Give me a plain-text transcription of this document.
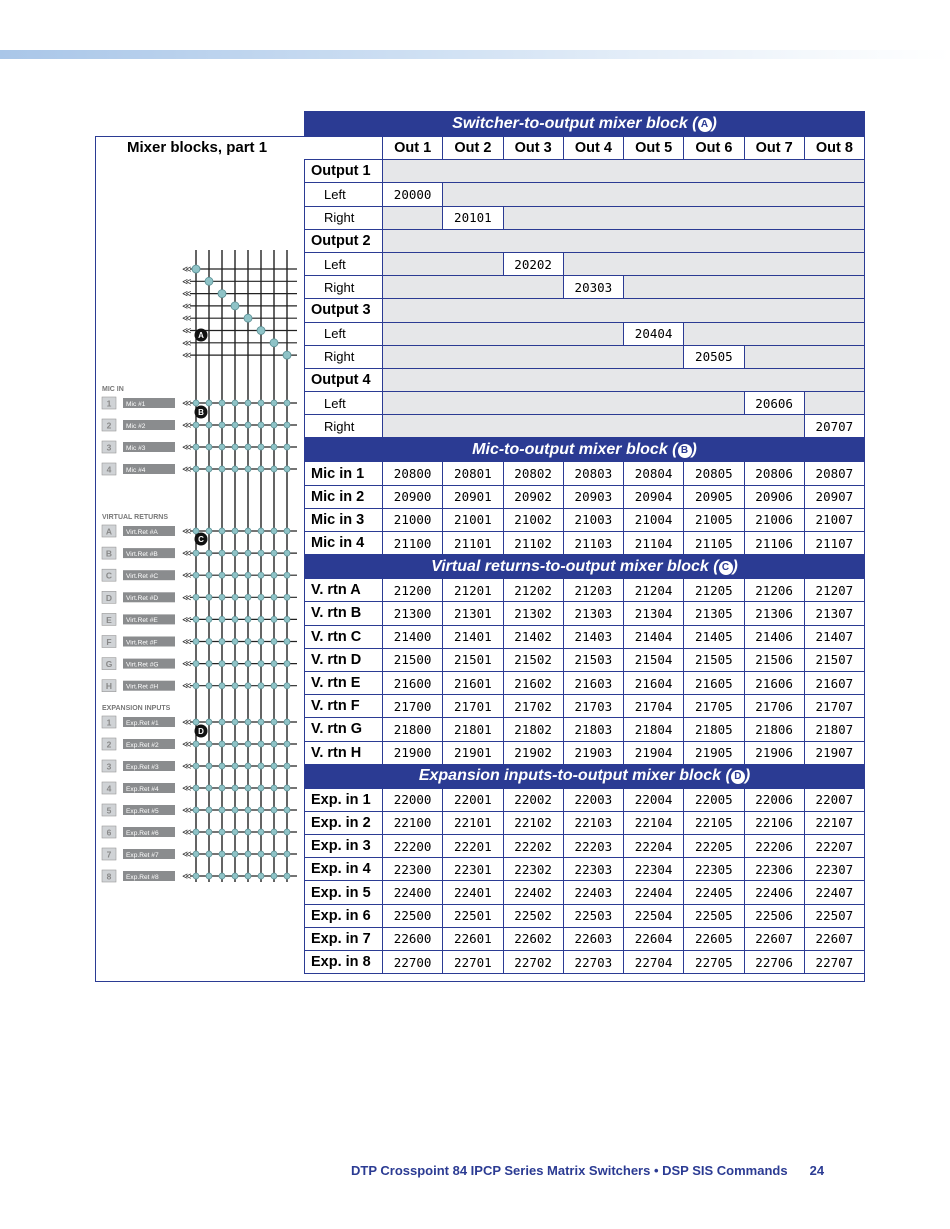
Mixer blocks, part 1
≪
≪
≪
≪
≪
≪
≪
≪
MIC IN
1 Mic #1	≪
2 Mic #2	≪
3 Mic #3	≪
4 Mic #4	≪
VIRTUAL RETURNS
A Virt.Ret #A	≪
B Virt.Ret #B	≪
C Virt.Ret #C	≪
D Virt.Ret #D	≪
E Virt.Ret #E	≪
F Virt.Ret #F	≪
G Virt.Ret #G	≪
H Virt.Ret #H	≪
EXPANSION INPUTS
1 Exp.Ret #1	≪
2 Exp.Ret #2	≪
3 Exp.Ret #3	≪
4 Exp.Ret #4	≪
5 Exp.Ret #5	≪
6 Exp.Ret #6	≪
7 Exp.Ret #7	≪
8 Exp.Ret #8	≪
A
B
C
D
Switcher-to-output mixer block ( A )								
	Out 1	Out 2	Out 3	Out 4	Out 5	Out 6	Out 7	Out 8
Output 1								
Left	20000							
Right		20101						
Output 2								
Left			20202					
Right				20303				
Output 3								
Left					20404			
Right						20505		
Output 4								
Left							20606	
Right								20707
Mic-to-output mixer block ( B )								
Mic in 1	20800	20801	20802	20803	20804	20805	20806	20807
Mic in 2	20900	20901	20902	20903	20904	20905	20906	20907
Mic in 3	21000	21001	21002	21003	21004	21005	21006	21007
Mic in 4	21100	21101	21102	21103	21104	21105	21106	21107
Virtual returns-to-output mixer block ( C )								
V. rtn A	21200	21201	21202	21203	21204	21205	21206	21207
V. rtn B	21300	21301	21302	21303	21304	21305	21306	21307
V. rtn C	21400	21401	21402	21403	21404	21405	21406	21407
V. rtn D	21500	21501	21502	21503	21504	21505	21506	21507
V. rtn E	21600	21601	21602	21603	21604	21605	21606	21607
V. rtn F	21700	21701	21702	21703	21704	21705	21706	21707
V. rtn G	21800	21801	21802	21803	21804	21805	21806	21807
V. rtn H	21900	21901	21902	21903	21904	21905	21906	21907
Expansion inputs-to-output mixer block ( D )								
Exp. in 1	22000	22001	22002	22003	22004	22005	22006	22007
Exp. in 2	22100	22101	22102	22103	22104	22105	22106	22107
Exp. in 3	22200	22201	22202	22203	22204	22205	22206	22207
Exp. in 4	22300	22301	22302	22303	22304	22305	22306	22307
Exp. in 5	22400	22401	22402	22403	22404	22405	22406	22407
Exp. in 6	22500	22501	22502	22503	22504	22505	22506	22507
Exp. in 7	22600	22601	22602	22603	22604	22605	22607	22607
Exp. in 8	22700	22701	22702	22703	22704	22705	22706	22707
DTP Crosspoint 84 IPCP Series Matrix Switchers • DSP SIS Commands 24
